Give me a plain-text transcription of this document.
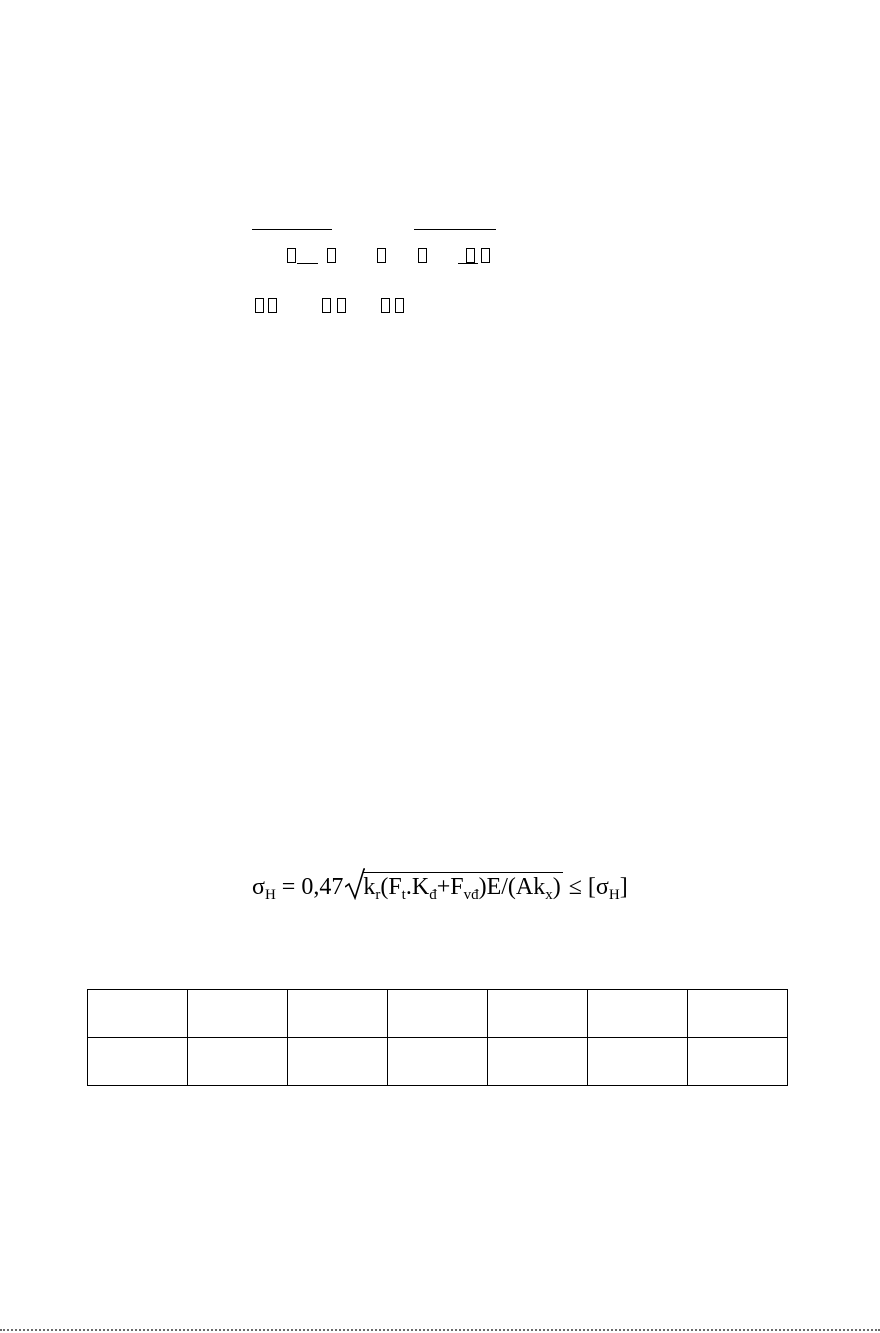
$\sigma_H = 0,47$ $k_r(F_t.K_đ+F_{vđ})E/(Ak_x) \le [\sigma_H]$
